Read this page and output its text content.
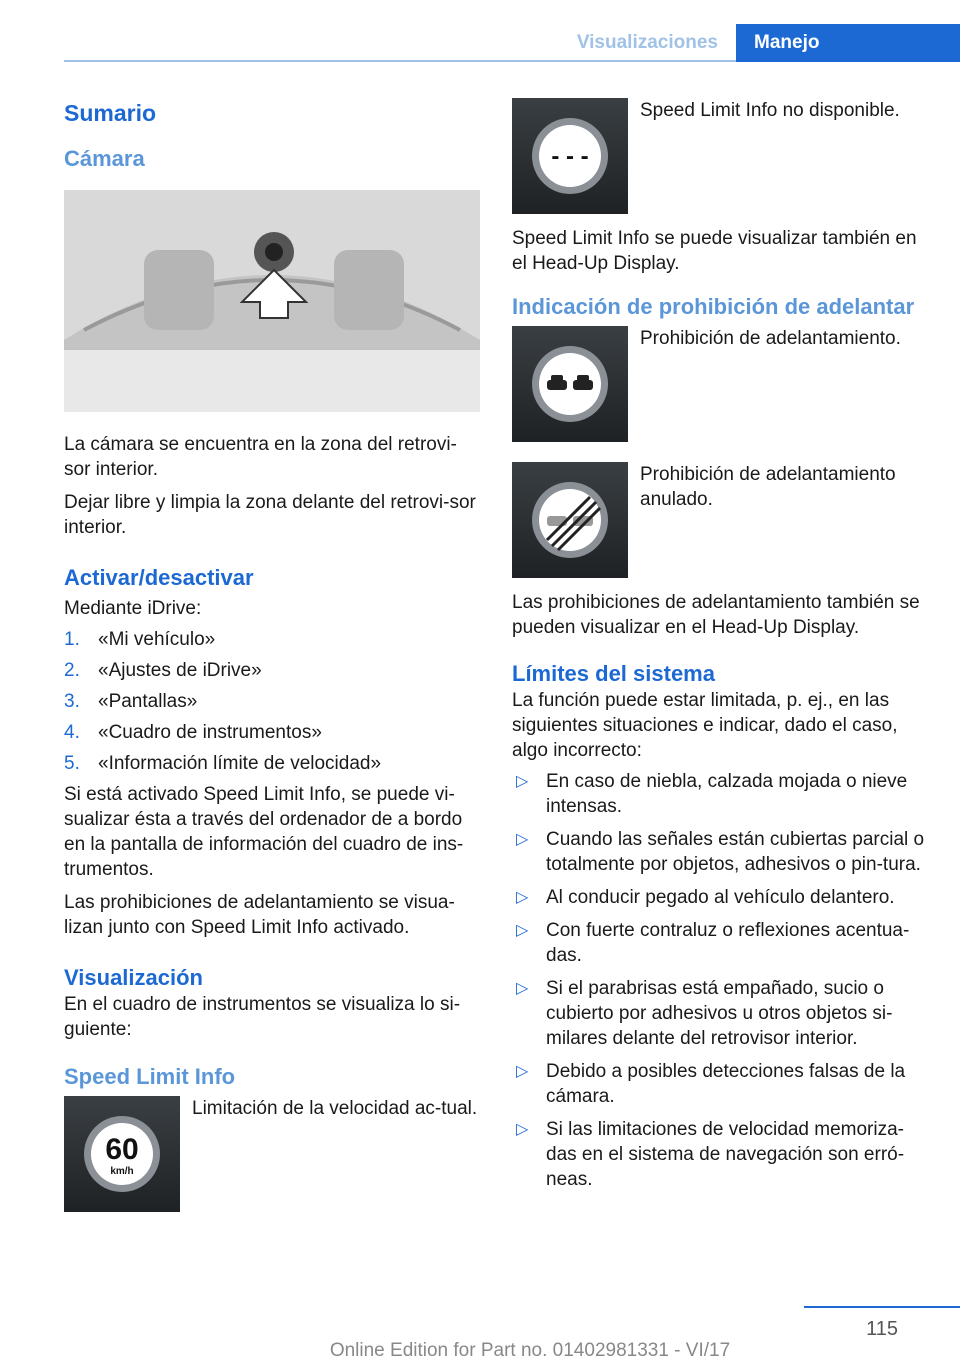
Visualizaciones	Manejo
Sumario
Cámara

La cámara se encuentra en la zona del retrovi‐sor interior.

Dejar libre y limpia la zona delante del retrovi‐sor interior.

Activar/desactivar

Mediante iDrive:

1. «Mi vehículo»
2. «Ajustes de iDrive»
3. «Pantallas»
4. «Cuadro de instrumentos»
5. «Información límite de velocidad»

Si está activado Speed Limit Info, se puede vi‐sualizar ésta a través del ordenador de a bordo en la pantalla de información del cuadro de ins‐trumentos.

Las prohibiciones de adelantamiento se visua‐lizan junto con Speed Limit Info activado.

Visualización

En el cuadro de instrumentos se visualiza lo si‐guiente:

Speed Limit Info
60
km/h

Limitación de la velocidad ac‐tual.

- - -

Speed Limit Info no disponible.

Speed Limit Info se puede visualizar también en el Head-Up Display.

Indicación de prohibición de adelantar

Prohibición de adelantamiento.

Prohibición de adelantamiento anulado.

Las prohibiciones de adelantamiento también se pueden visualizar en el Head-Up Display.

Límites del sistema

La función puede estar limitada, p. ej., en las siguientes situaciones e indicar, dado el caso, algo incorrecto:

▷ En caso de niebla, calzada mojada o nieve intensas.
▷ Cuando las señales están cubiertas parcial o totalmente por objetos, adhesivos o pin‐tura.
▷ Al conducir pegado al vehículo delantero.
▷ Con fuerte contraluz o reflexiones acentua‐das.
▷ Si el parabrisas está empañado, sucio o cubierto por adhesivos u otros objetos si‐milares delante del retrovisor interior.
▷ Debido a posibles detecciones falsas de la cámara.
▷ Si las limitaciones de velocidad memoriza‐das en el sistema de navegación son erró‐neas.
115
Online Edition for Part no. 01402981331 - VI/17
